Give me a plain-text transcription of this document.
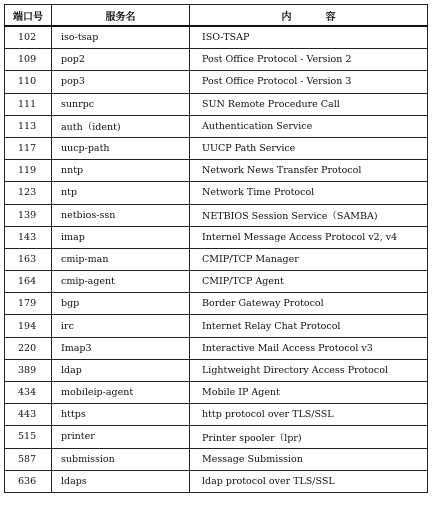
端口号	服务名	内　容
102	iso-tsap	ISO-TSAP
109	pop2	Post Office Protocol - Version 2
110	pop3	Post Office Protocol - Version 3
111	sunrpc	SUN Remote Procedure Call
113	auth（ident)	Authentication Service
117	uucp-path	UUCP Path Service
119	nntp	Network News Transfer Protocol
123	ntp	Network Time Protocol
139	netbios-ssn	NETBIOS Session Service（SAMBA)
143	imap	Internel Message Access Protocol v2, v4
163	cmip-man	CMIP/TCP Manager
164	cmip-agent	CMIP/TCP Agent
179	bgp	Border Gateway Protocol
194	irc	Internet Relay Chat Protocol
220	Imap3	Interactive Mail Access Protocol v3
389	ldap	Lightweight Directory Access Protocol
434	mobileip-agent	Mobile IP Agent
443	https	http protocol over TLS/SSL
515	printer	Printer spooler（lpr)
587	submission	Message Submission
636	ldaps	ldap protocol over TLS/SSL
